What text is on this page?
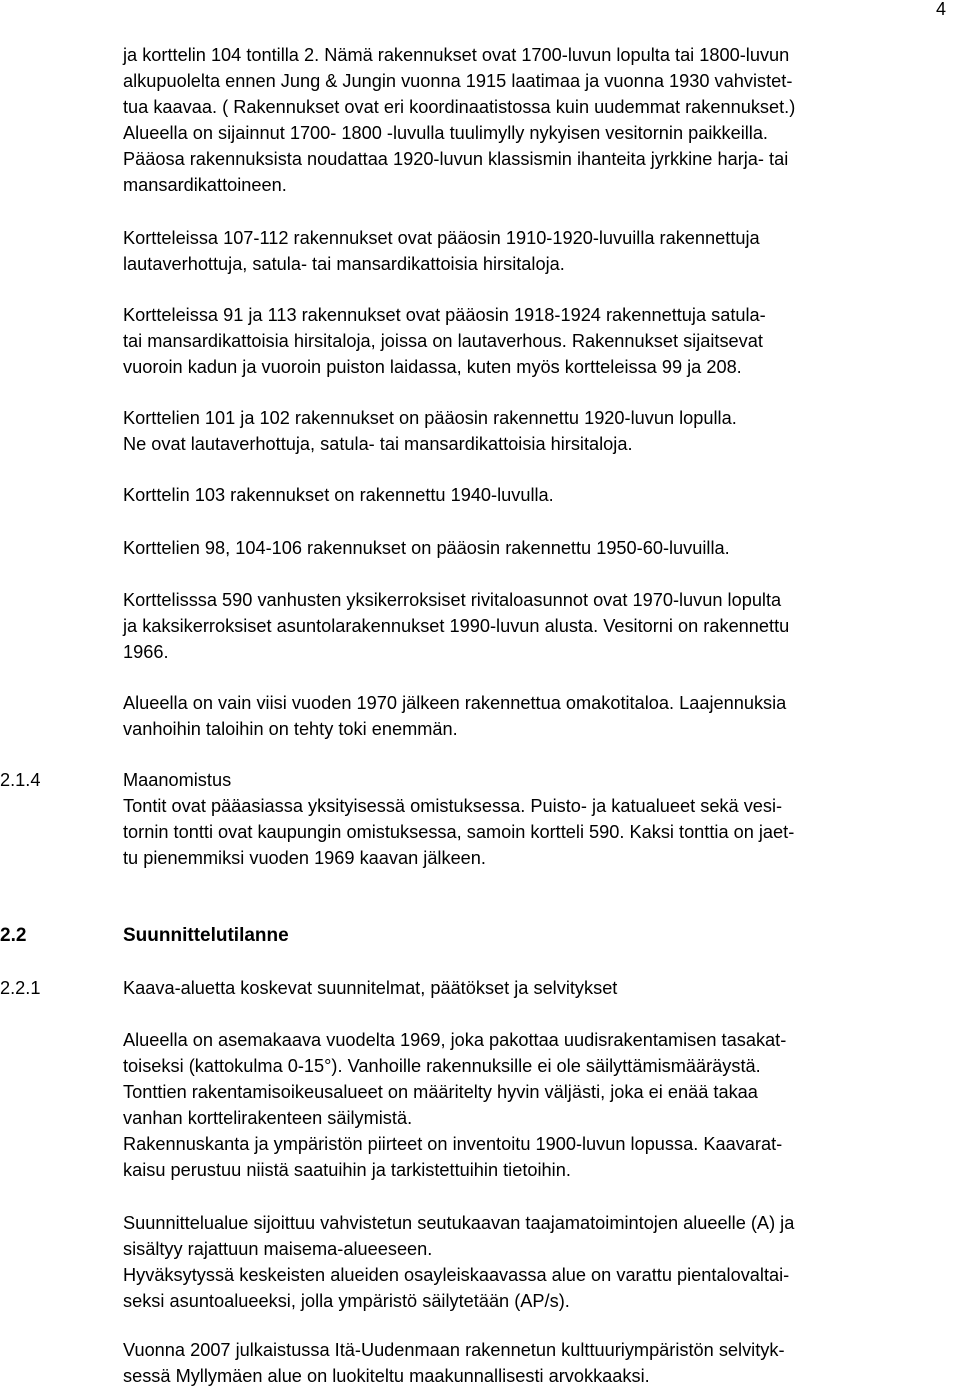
4
ja korttelin 104 tontilla 2. Nämä rakennukset ovat 1700-luvun lopulta tai 1800-luvun
alkupuolelta ennen Jung & Jungin vuonna 1915 laatimaa ja vuonna 1930 vahvistet-
tua kaavaa. ( Rakennukset ovat eri koordinaatistossa kuin uudemmat rakennukset.)
Alueella on sijainnut 1700- 1800 -luvulla tuulimylly nykyisen vesitornin paikkeilla.
Pääosa rakennuksista noudattaa 1920-luvun klassismin ihanteita jyrkkine harja- tai
mansardikattoineen.
Kortteleissa 107-112 rakennukset ovat pääosin 1910-1920-luvuilla rakennettuja
lautaverhottuja, satula- tai mansardikattoisia hirsitaloja.
Kortteleissa 91 ja 113 rakennukset ovat pääosin 1918-1924 rakennettuja satula-
tai mansardikattoisia hirsitaloja, joissa on lautaverhous. Rakennukset sijaitsevat
vuoroin kadun ja vuoroin puiston laidassa, kuten myös kortteleissa 99 ja 208.
Korttelien 101 ja 102 rakennukset on pääosin rakennettu 1920-luvun lopulla.
Ne ovat lautaverhottuja, satula- tai mansardikattoisia hirsitaloja.
Korttelin 103 rakennukset on rakennettu 1940-luvulla.
Korttelien 98, 104-106 rakennukset on pääosin rakennettu 1950-60-luvuilla.
Korttelisssa 590 vanhusten yksikerroksiset rivitaloasunnot ovat 1970-luvun lopulta
ja kaksikerroksiset asuntolarakennukset 1990-luvun alusta. Vesitorni on rakennettu
1966.
Alueella on vain viisi vuoden 1970 jälkeen rakennettua omakotitaloa. Laajennuksia
vanhoihin taloihin on tehty toki enemmän.
2.1.4	Maanomistus
Tontit ovat pääasiassa yksityisessä omistuksessa. Puisto- ja katualueet sekä vesi-
tornin tontti ovat kaupungin omistuksessa, samoin kortteli 590. Kaksi tonttia on jaet-
tu pienemmiksi vuoden 1969 kaavan jälkeen.
2.2	Suunnittelutilanne
2.2.1	Kaava-aluetta koskevat suunnitelmat, päätökset ja selvitykset
Alueella on asemakaava vuodelta 1969, joka pakottaa uudisrakentamisen tasakat-
toiseksi (kattokulma 0-15°). Vanhoille rakennuksille ei ole säilyttämismääräystä.
Tonttien rakentamisoikeusalueet on määritelty hyvin väljästi, joka ei enää takaa
vanhan korttelirakenteen säilymistä.
Rakennuskanta ja ympäristön piirteet on inventoitu 1900-luvun lopussa. Kaavarat-
kaisu perustuu niistä saatuihin ja tarkistettuihin tietoihin.
Suunnittelualue sijoittuu vahvistetun seutukaavan taajamatoimintojen alueelle (A) ja
sisältyy rajattuun maisema-alueeseen.
Hyväksytyssä keskeisten alueiden osayleiskaavassa alue on varattu pientalovaltai-
seksi asuntoalueeksi, jolla ympäristö säilytetään (AP/s).
Vuonna 2007 julkaistussa Itä-Uudenmaan rakennetun kulttuuriympäristön selvityk-
sessä Myllymäen alue on luokiteltu maakunnallisesti arvokkaaksi.
